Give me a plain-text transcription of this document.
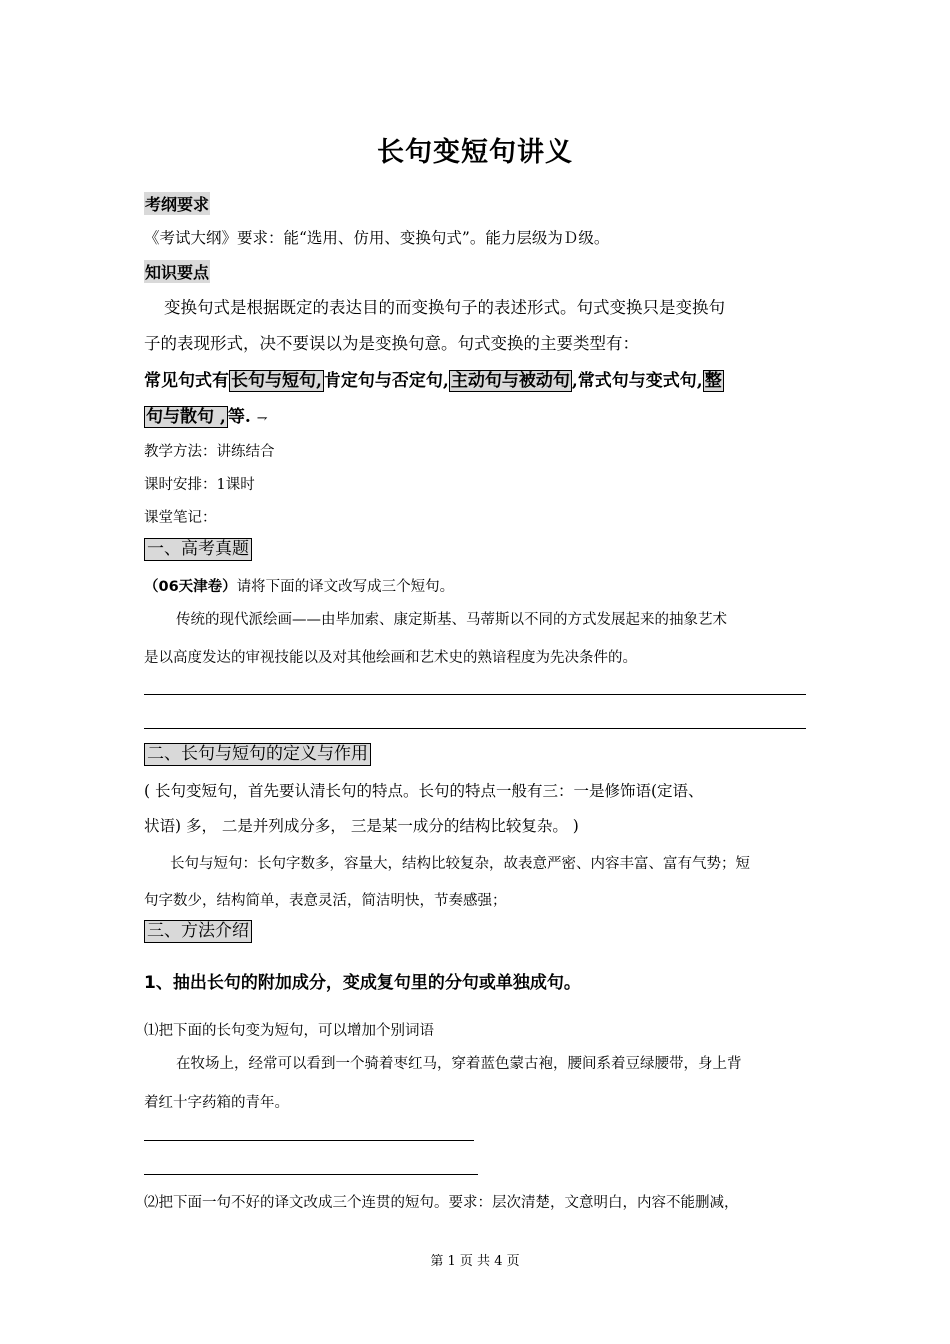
长句变短句讲义
考纲要求
《考试大纲》要求：能“选用、仿用、变换句式”。能力层级为Ｄ级。
知识要点
变换句式是根据既定的表达目的而变换句子的表述形式。句式变换只是变换句
子的表现形式，决不要误以为是变换句意。句式变换的主要类型有：
常见句式有 长句与短句, 肯定句与否定句, 主动句与被动句 ,常式句与变式句, 整
句与散句 , 等. ⇁
教学方法：讲练结合
课时安排：1课时
课堂笔记：
一、高考真题
（06天津卷）请将下面的译文改写成三个短句。
传统的现代派绘画——由毕加索、康定斯基、马蒂斯以不同的方式发展起来的抽象艺术
是以高度发达的审视技能以及对其他绘画和艺术史的熟谙程度为先决条件的。
二、长句与短句的定义与作用
( 长句变短句，首先要认清长句的特点。长句的特点一般有三：一是修饰语(定语、
状语) 多， 二是并列成分多， 三是某一成分的结构比较复杂。 )
长句与短句：长句字数多，容量大，结构比较复杂，故表意严密、内容丰富、富有气势；短
句字数少，结构简单，表意灵活，简洁明快，节奏感强；
三、方法介绍
1、抽出长句的附加成分，变成复句里的分句或单独成句。
⑴把下面的长句变为短句，可以增加个别词语
在牧场上，经常可以看到一个骑着枣红马，穿着蓝色蒙古袍，腰间系着豆绿腰带，身上背
着红十字药箱的青年。
⑵把下面一句不好的译文改成三个连贯的短句。要求：层次清楚，文意明白，内容不能删减，
第 1 页 共 4 页
